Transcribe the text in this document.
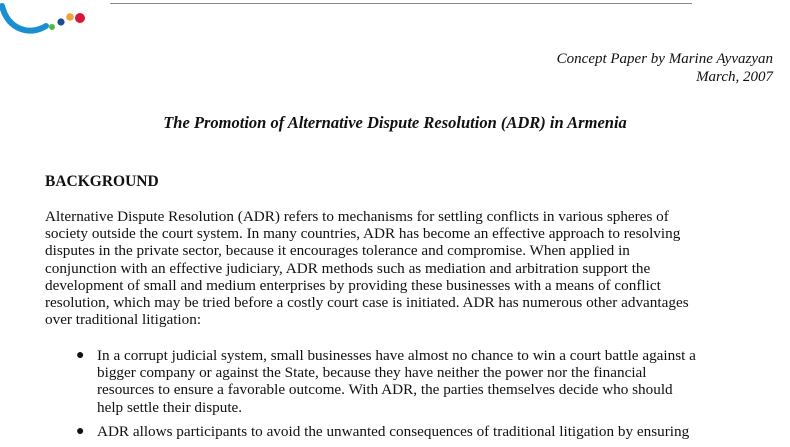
Concept Paper by Marine Ayvazyan
March, 2007
The Promotion of Alternative Dispute Resolution (ADR) in Armenia
BACKGROUND
Alternative Dispute Resolution (ADR) refers to mechanisms for settling conflicts in various spheres of
society outside the court system. In many countries, ADR has become an effective approach to resolving
disputes in the private sector, because it encourages tolerance and compromise. When applied in
conjunction with an effective judiciary, ADR methods such as mediation and arbitration support the
development of small and medium enterprises by providing these businesses with a means of conflict
resolution, which may be tried before a costly court case is initiated. ADR has numerous other advantages
over traditional litigation:
● In a corrupt judicial system, small businesses have almost no chance to win a court battle against a
bigger company or against the State, because they have neither the power nor the financial
resources to ensure a favorable outcome. With ADR, the parties themselves decide who should
help settle their dispute.
● ADR allows participants to avoid the unwanted consequences of traditional litigation by ensuring
